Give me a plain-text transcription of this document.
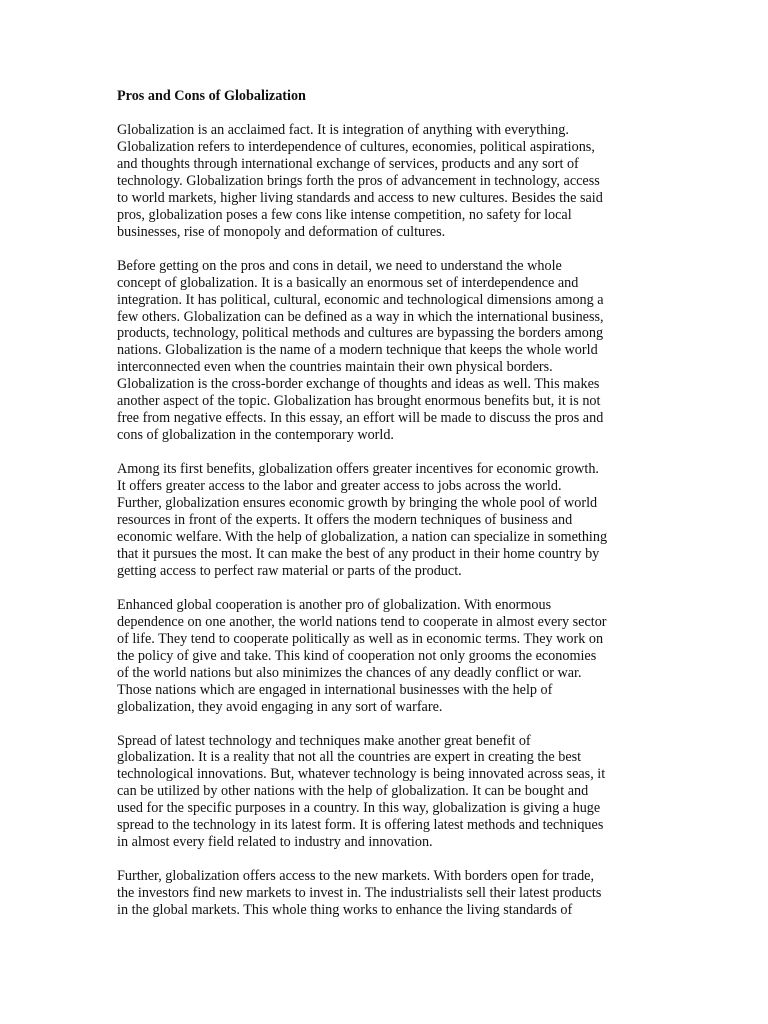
Pros and Cons of Globalization
Globalization is an acclaimed fact. It is integration of anything with everything.
Globalization refers to interdependence of cultures, economies, political aspirations,
and thoughts through international exchange of services, products and any sort of
technology. Globalization brings forth the pros of advancement in technology, access
to world markets, higher living standards and access to new cultures. Besides the said
pros, globalization poses a few cons like intense competition, no safety for local
businesses, rise of monopoly and deformation of cultures.
Before getting on the pros and cons in detail, we need to understand the whole
concept of globalization. It is a basically an enormous set of interdependence and
integration. It has political, cultural, economic and technological dimensions among a
few others. Globalization can be defined as a way in which the international business,
products, technology, political methods and cultures are bypassing the borders among
nations. Globalization is the name of a modern technique that keeps the whole world
interconnected even when the countries maintain their own physical borders.
Globalization is the cross-border exchange of thoughts and ideas as well. This makes
another aspect of the topic. Globalization has brought enormous benefits but, it is not
free from negative effects. In this essay, an effort will be made to discuss the pros and
cons of globalization in the contemporary world.
Among its first benefits, globalization offers greater incentives for economic growth.
It offers greater access to the labor and greater access to jobs across the world.
Further, globalization ensures economic growth by bringing the whole pool of world
resources in front of the experts. It offers the modern techniques of business and
economic welfare. With the help of globalization, a nation can specialize in something
that it pursues the most. It can make the best of any product in their home country by
getting access to perfect raw material or parts of the product.
Enhanced global cooperation is another pro of globalization. With enormous
dependence on one another, the world nations tend to cooperate in almost every sector
of life. They tend to cooperate politically as well as in economic terms. They work on
the policy of give and take. This kind of cooperation not only grooms the economies
of the world nations but also minimizes the chances of any deadly conflict or war.
Those nations which are engaged in international businesses with the help of
globalization, they avoid engaging in any sort of warfare.
Spread of latest technology and techniques make another great benefit of
globalization. It is a reality that not all the countries are expert in creating the best
technological innovations. But, whatever technology is being innovated across seas, it
can be utilized by other nations with the help of globalization. It can be bought and
used for the specific purposes in a country. In this way, globalization is giving a huge
spread to the technology in its latest form. It is offering latest methods and techniques
in almost every field related to industry and innovation.
Further, globalization offers access to the new markets. With borders open for trade,
the investors find new markets to invest in. The industrialists sell their latest products
in the global markets. This whole thing works to enhance the living standards of
